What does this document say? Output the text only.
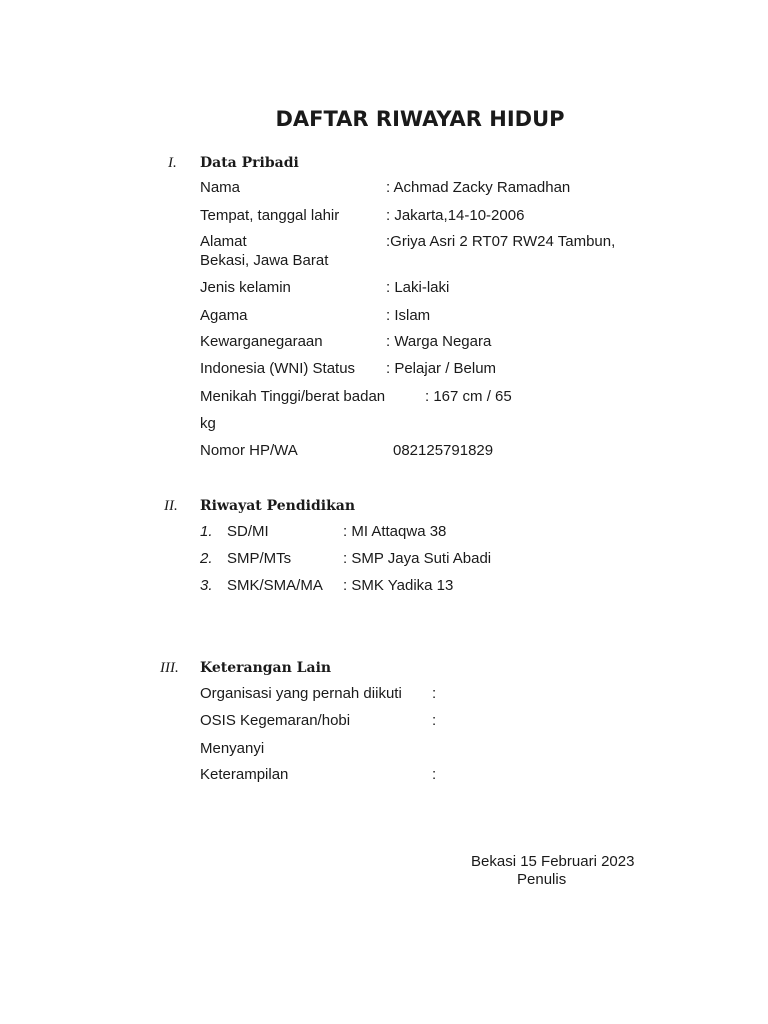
DAFTAR RIWAYAR HIDUP
I. Data Pribadi
Nama	: Achmad Zacky Ramadhan
Tempat, tanggal lahir	: Jakarta,14-10-2006
Alamat	:Griya Asri 2 RT07 RW24 Tambun,
Bekasi, Jawa Barat
Jenis kelamin	: Laki-laki
Agama	: Islam
Kewarganegaraan	: Warga Negara
Indonesia (WNI) Status : Pelajar / Belum
Menikah Tinggi/berat badan	: 167 cm / 65
kg
Nomor HP/WA	082125791829
II. Riwayat Pendidikan
1. SD/MI	: MI Attaqwa 38
2. SMP/MTs	: SMP Jaya Suti Abadi
3. SMK/SMA/MA : SMK Yadika 13
III. Keterangan Lain
Organisasi yang pernah diikuti :
OSIS Kegemaran/hobi	:
Menyanyi
Keterampilan	:
Bekasi 15 Februari 2023
Penulis
